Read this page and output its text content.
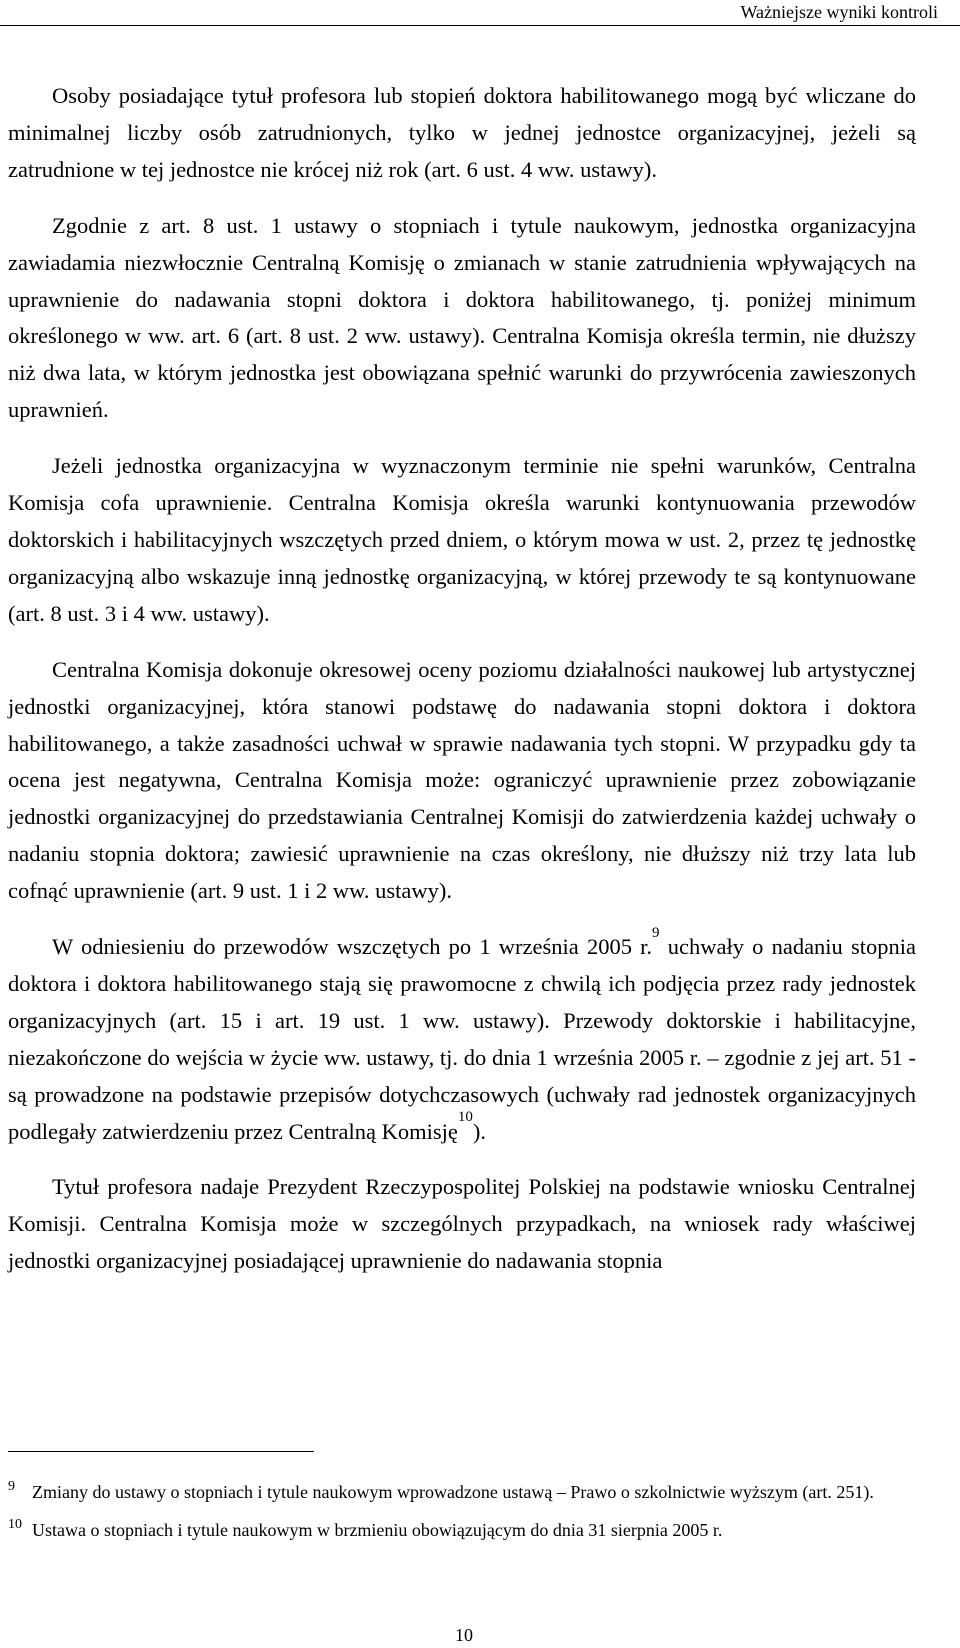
Ważniejsze wyniki kontroli

Osoby posiadające tytuł profesora lub stopień doktora habilitowanego mogą być wliczane do minimalnej liczby osób zatrudnionych, tylko w jednej jednostce organizacyjnej, jeżeli są zatrudnione w tej jednostce nie krócej niż rok (art. 6 ust. 4 ww. ustawy).

Zgodnie z art. 8 ust. 1 ustawy o stopniach i tytule naukowym, jednostka organizacyjna zawiadamia niezwłocznie Centralną Komisję o zmianach w stanie zatrudnienia wpływających na uprawnienie do nadawania stopni doktora i doktora habilitowanego, tj. poniżej minimum określonego w ww. art. 6 (art. 8 ust. 2 ww. ustawy). Centralna Komisja określa termin, nie dłuższy niż dwa lata, w którym jednostka jest obowiązana spełnić warunki do przywrócenia zawieszonych uprawnień.

Jeżeli jednostka organizacyjna w wyznaczonym terminie nie spełni warunków, Centralna Komisja cofa uprawnienie. Centralna Komisja określa warunki kontynuowania przewodów doktorskich i habilitacyjnych wszczętych przed dniem, o którym mowa w ust. 2, przez tę jednostkę organizacyjną albo wskazuje inną jednostkę organizacyjną, w której przewody te są kontynuowane (art. 8 ust. 3 i 4 ww. ustawy).

Centralna Komisja dokonuje okresowej oceny poziomu działalności naukowej lub artystycznej jednostki organizacyjnej, która stanowi podstawę do nadawania stopni doktora i doktora habilitowanego, a także zasadności uchwał w sprawie nadawania tych stopni. W przypadku gdy ta ocena jest negatywna, Centralna Komisja może: ograniczyć uprawnienie przez zobowiązanie jednostki organizacyjnej do przedstawiania Centralnej Komisji do zatwierdzenia każdej uchwały o nadaniu stopnia doktora; zawiesić uprawnienie na czas określony, nie dłuższy niż trzy lata lub cofnąć uprawnienie (art. 9 ust. 1 i 2 ww. ustawy).

W odniesieniu do przewodów wszczętych po 1 września 2005 r.$^9$ uchwały o nadaniu stopnia doktora i doktora habilitowanego stają się prawomocne z chwilą ich podjęcia przez rady jednostek organizacyjnych (art. 15 i art. 19 ust. 1 ww. ustawy). Przewody doktorskie i habilitacyjne, niezakończone do wejścia w życie ww. ustawy, tj. do dnia 1 września 2005 r. – zgodnie z jej art. 51 - są prowadzone na podstawie przepisów dotychczasowych (uchwały rad jednostek organizacyjnych podlegały zatwierdzeniu przez Centralną Komisję$^{10}$).

Tytuł profesora nadaje Prezydent Rzeczypospolitej Polskiej na podstawie wniosku Centralnej Komisji. Centralna Komisja może w szczególnych przypadkach, na wniosek rady właściwej jednostki organizacyjnej posiadającej uprawnienie do nadawania stopnia

9 Zmiany do ustawy o stopniach i tytule naukowym wprowadzone ustawą – Prawo o szkolnictwie wyższym (art. 251).
10 Ustawa o stopniach i tytule naukowym w brzmieniu obowiązującym do dnia 31 sierpnia 2005 r.
10
